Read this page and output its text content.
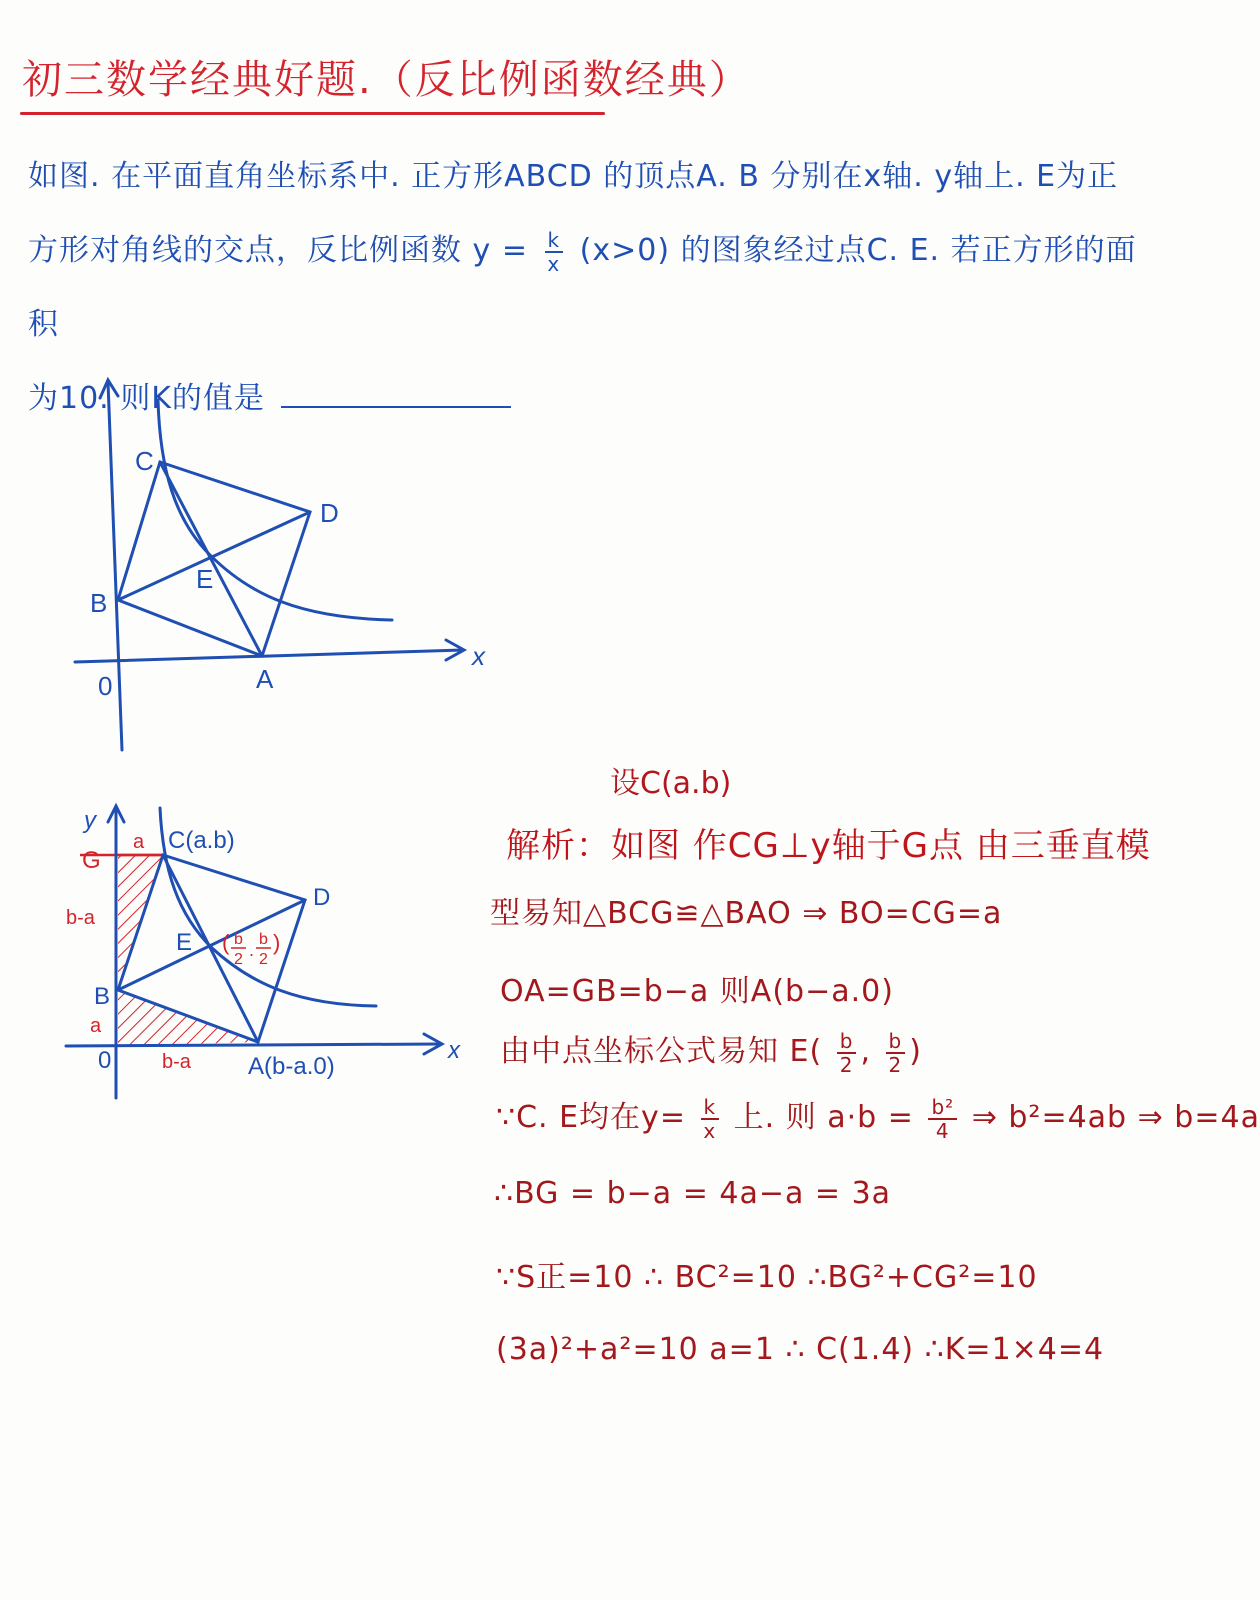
初三数学经典好题.（反比例函数经典）
如图. 在平面直角坐标系中. 正方形ABCD 的顶点A. B 分别在x轴. y轴上. E为正
方形对角线的交点，反比例函数 $y = \frac{k}{x} (x>0)$ 的图象经过点C. E. 若正方形的面积
为10. 则K的值是
C
D
B
E
0	A
x
y
G
a C(a.b)
D
b-a
E
B
a
0	b-a A(b-a.0)
x
( b
2 .
b
2
)
设C(a.b)
解析：如图 作CG⊥y轴于G点 由三垂直模
型易知△BCG≌△BAO ⇒ BO=CG=a
OA=GB=b−a 则A(b−a.0)
由中点坐标公式易知 $E( \frac{b}{2}$ , $\frac{b}{2}$ )
∵C. E均在$y= \frac{k}{x}$ 上. 则 $a\cdot b = \frac{\text{b²}}{4}$ ⇒ b²=4ab ⇒ b=4a
∴BG = b−a = 4a−a = 3a
∵S正=10 ∴ BC²=10 ∴BG²+CG²=10
(3a)²+a²=10 a=1 ∴ C(1.4) ∴K=1×4=4
